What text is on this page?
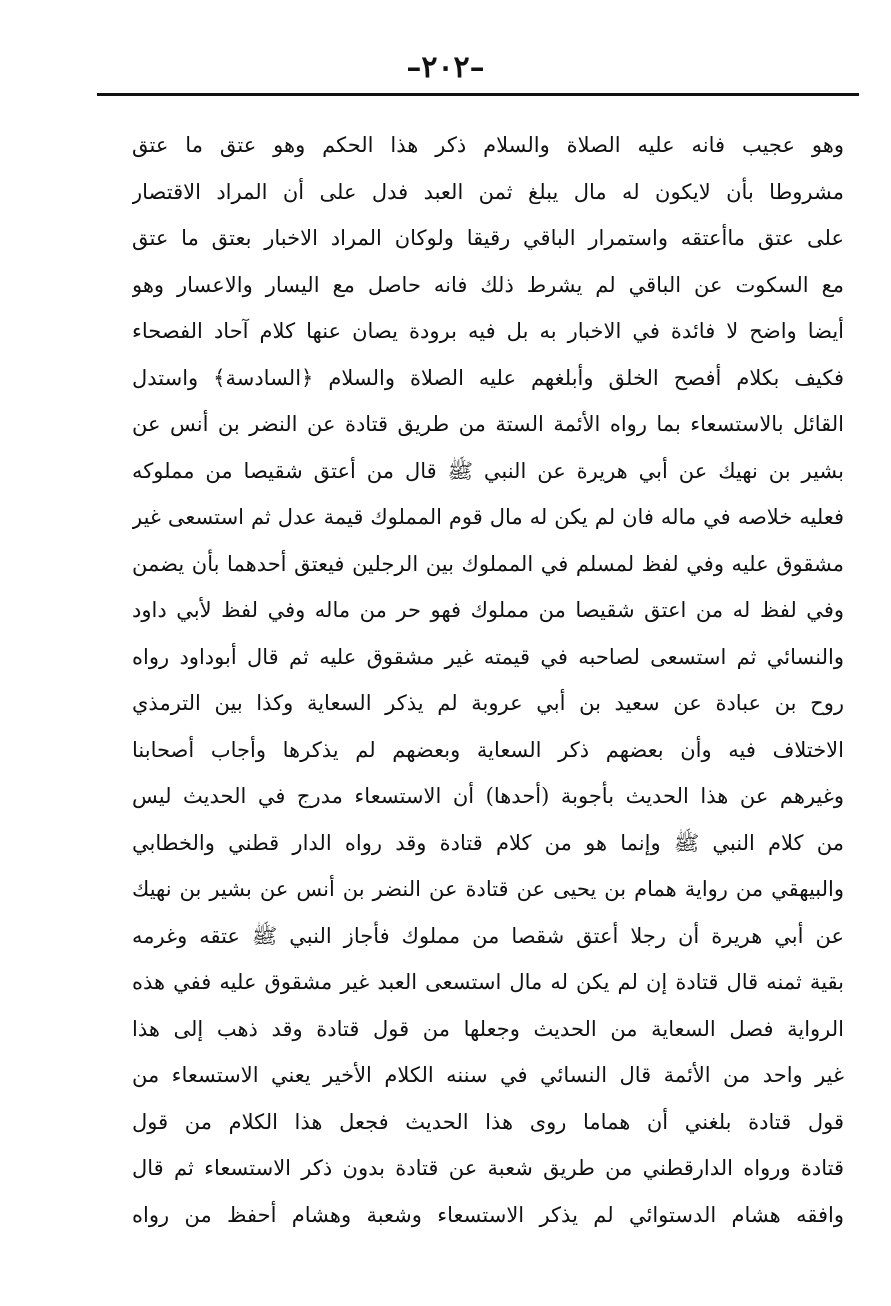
–٢٠٢–
وهو عجيب فانه عليه الصلاة والسلام ذكر هذا الحكم وهو عتق ما عتق
مشروطا بأن لايكون له مال يبلغ ثمن العبد فدل على أن المراد الاقتصار
على عتق ماأعتقه واستمرار الباقي رقيقا ولوكان المراد الاخبار بعتق ما عتق
مع السكوت عن الباقي لم يشرط ذلك فانه حاصل مع اليسار والاعسار وهو
أيضا واضح لا فائدة في الاخبار به بل فيه برودة يصان عنها كلام آحاد الفصحاء
فكيف بكلام أفصح الخلق وأبلغهم عليه الصلاة والسلام ﴿السادسة﴾ واستدل
القائل بالاستسعاء بما رواه الأئمة الستة من طريق قتادة عن النضر بن أنس عن
بشير بن نهيك عن أبي هريرة عن النبي ﷺ قال من أعتق شقيصا من مملوكه
فعليه خلاصه في ماله فان لم يكن له مال قوم المملوك قيمة عدل ثم استسعى غير
مشقوق عليه وفي لفظ لمسلم في المملوك بين الرجلين فيعتق أحدهما بأن يضمن
وفي لفظ له من اعتق شقيصا من مملوك فهو حر من ماله وفي لفظ لأبي داود
والنسائي ثم استسعى لصاحبه في قيمته غير مشقوق عليه ثم قال أبوداود رواه
روح بن عبادة عن سعيد بن أبي عروبة لم يذكر السعاية وكذا بين الترمذي
الاختلاف فيه وأن بعضهم ذكر السعاية وبعضهم لم يذكرها وأجاب أصحابنا
وغيرهم عن هذا الحديث بأجوبة (أحدها) أن الاستسعاء مدرج في الحديث ليس
من كلام النبي ﷺ وإنما هو من كلام قتادة وقد رواه الدار قطني والخطابي
والبيهقي من رواية همام بن يحيى عن قتادة عن النضر بن أنس عن بشير بن نهيك
عن أبي هريرة أن رجلا أعتق شقصا من مملوك فأجاز النبي ﷺ عتقه وغرمه
بقية ثمنه قال قتادة إن لم يكن له مال استسعى العبد غير مشقوق عليه ففي هذه
الرواية فصل السعاية من الحديث وجعلها من قول قتادة وقد ذهب إلى هذا
غير واحد من الأئمة قال النسائي في سننه الكلام الأخير يعني الاستسعاء من
قول قتادة بلغني أن هماما روى هذا الحديث فجعل هذا الكلام من قول
قتادة ورواه الدارقطني من طريق شعبة عن قتادة بدون ذكر الاستسعاء ثم قال
وافقه هشام الدستوائي لم يذكر الاستسعاء وشعبة وهشام أحفظ من رواه
